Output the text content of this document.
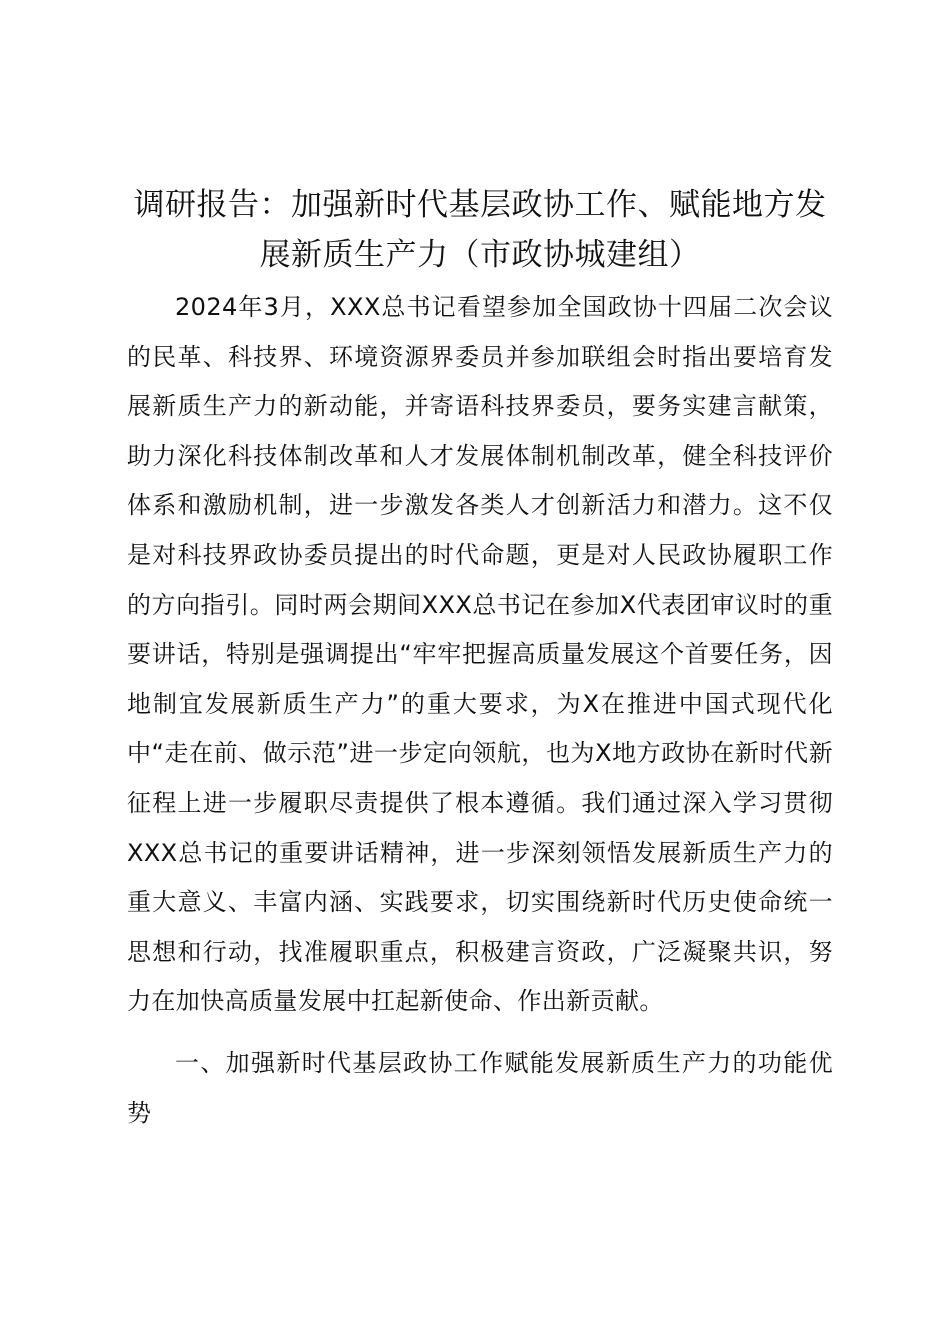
调研报告：加强新时代基层政协工作、赋能地方发展新质生产力（市政协城建组）

2024年3月，XXX总书记看望参加全国政协十四届二次会议的民革、科技界、环境资源界委员并参加联组会时指出要培育发展新质生产力的新动能，并寄语科技界委员，要务实建言献策，助力深化科技体制改革和人才发展体制机制改革，健全科技评价体系和激励机制，进一步激发各类人才创新活力和潜力。这不仅是对科技界政协委员提出的时代命题，更是对人民政协履职工作的方向指引。同时两会期间XXX总书记在参加X代表团审议时的重要讲话，特别是强调提出“牢牢把握高质量发展这个首要任务，因地制宜发展新质生产力”的重大要求，为X在推进中国式现代化中“走在前、做示范”进一步定向领航，也为X地方政协在新时代新征程上进一步履职尽责提供了根本遵循。我们通过深入学习贯彻XXX总书记的重要讲话精神，进一步深刻领悟发展新质生产力的重大意义、丰富内涵、实践要求，切实围绕新时代历史使命统一思想和行动，找准履职重点，积极建言资政，广泛凝聚共识，努力在加快高质量发展中扛起新使命、作出新贡献。

一、加强新时代基层政协工作赋能发展新质生产力的功能优势
